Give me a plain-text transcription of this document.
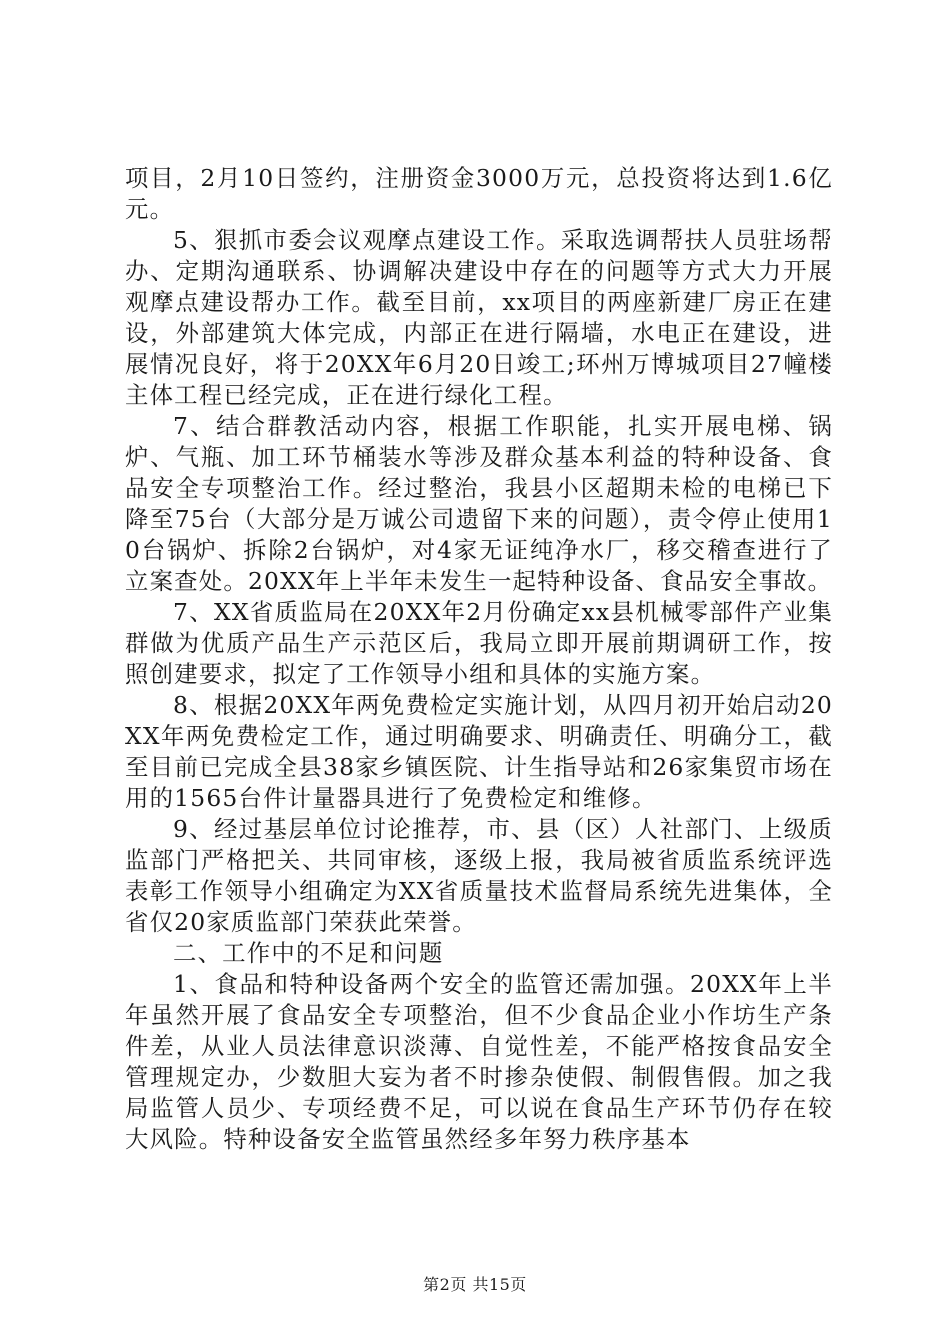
项目，2月10日签约，注册资金3000万元，总投资将达到1.6亿元。

5、狠抓市委会议观摩点建设工作。采取选调帮扶人员驻场帮办、定期沟通联系、协调解决建设中存在的问题等方式大力开展观摩点建设帮办工作。截至目前，xx项目的两座新建厂房正在建设，外部建筑大体完成，内部正在进行隔墙，水电正在建设，进展情况良好，将于20XX年6月20日竣工;环州万博城项目27幢楼主体工程已经完成，正在进行绿化工程。

7、结合群教活动内容，根据工作职能，扎实开展电梯、锅炉、气瓶、加工环节桶装水等涉及群众基本利益的特种设备、食品安全专项整治工作。经过整治，我县小区超期未检的电梯已下降至75台（大部分是万诚公司遗留下来的问题），责令停止使用10台锅炉、拆除2台锅炉，对4家无证纯净水厂，移交稽查进行了立案查处。20XX年上半年未发生一起特种设备、食品安全事故。

7、XX省质监局在20XX年2月份确定xx县机械零部件产业集群做为优质产品生产示范区后，我局立即开展前期调研工作，按照创建要求，拟定了工作领导小组和具体的实施方案。

8、根据20XX年两免费检定实施计划，从四月初开始启动20XX年两免费检定工作，通过明确要求、明确责任、明确分工，截至目前已完成全县38家乡镇医院、计生指导站和26家集贸市场在用的1565台件计量器具进行了免费检定和维修。

9、经过基层单位讨论推荐，市、县（区）人社部门、上级质监部门严格把关、共同审核，逐级上报，我局被省质监系统评选表彰工作领导小组确定为XX省质量技术监督局系统先进集体，全省仅20家质监部门荣获此荣誉。

二、工作中的不足和问题

1、食品和特种设备两个安全的监管还需加强。20XX年上半年虽然开展了食品安全专项整治，但不少食品企业小作坊生产条件差，从业人员法律意识淡薄、自觉性差，不能严格按食品安全管理规定办，少数胆大妄为者不时掺杂使假、制假售假。加之我局监管人员少、专项经费不足，可以说在食品生产环节仍存在较大风险。特种设备安全监管虽然经多年努力秩序基本

第2页 共15页
